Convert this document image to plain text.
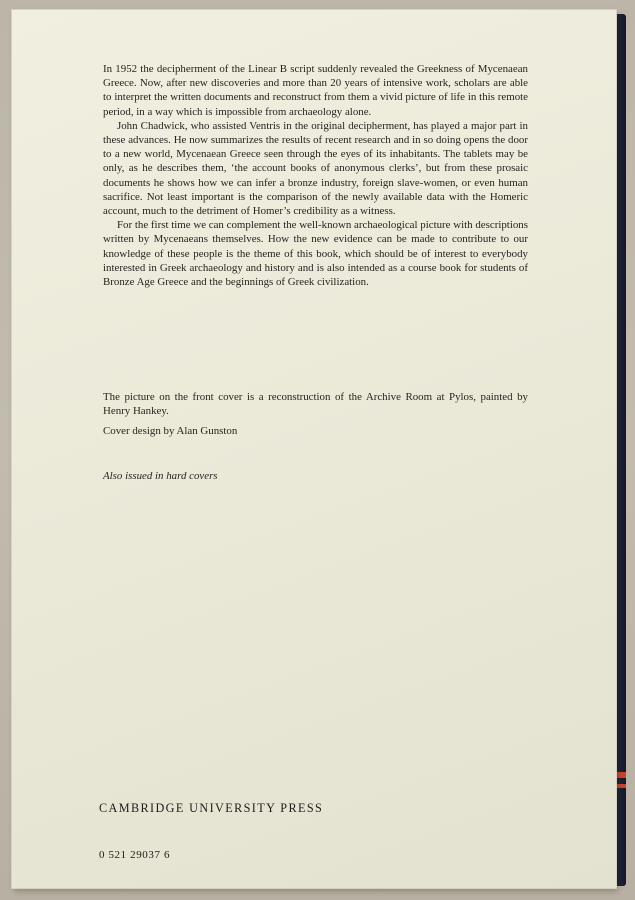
In 1952 the decipherment of the Linear B script suddenly revealed the Greekness of Mycenaean Greece. Now, after new discoveries and more than 20 years of intensive work, scholars are able to interpret the written documents and reconstruct from them a vivid picture of life in this remote period, in a way which is impossible from archaeology alone.

John Chadwick, who assisted Ventris in the original decipherment, has played a major part in these advances. He now summarizes the results of recent research and in so doing opens the door to a new world, Mycenaean Greece seen through the eyes of its inhabitants. The tablets may be only, as he describes them, ‘the account books of anonymous clerks’, but from these prosaic documents he shows how we can infer a bronze industry, foreign slave-women, or even human sacrifice. Not least important is the comparison of the newly available data with the Homeric account, much to the detriment of Homer’s credibility as a witness.

For the first time we can complement the well-known archaeological picture with descriptions written by Mycenaeans themselves. How the new evidence can be made to contribute to our knowledge of these people is the theme of this book, which should be of interest to everybody interested in Greek archaeology and history and is also intended as a course book for students of Bronze Age Greece and the beginnings of Greek civilization.

The picture on the front cover is a reconstruction of the Archive Room at Pylos, painted by Henry Hankey.

Cover design by Alan Gunston

Also issued in hard covers
CAMBRIDGE UNIVERSITY PRESS
0 521 29037 6
